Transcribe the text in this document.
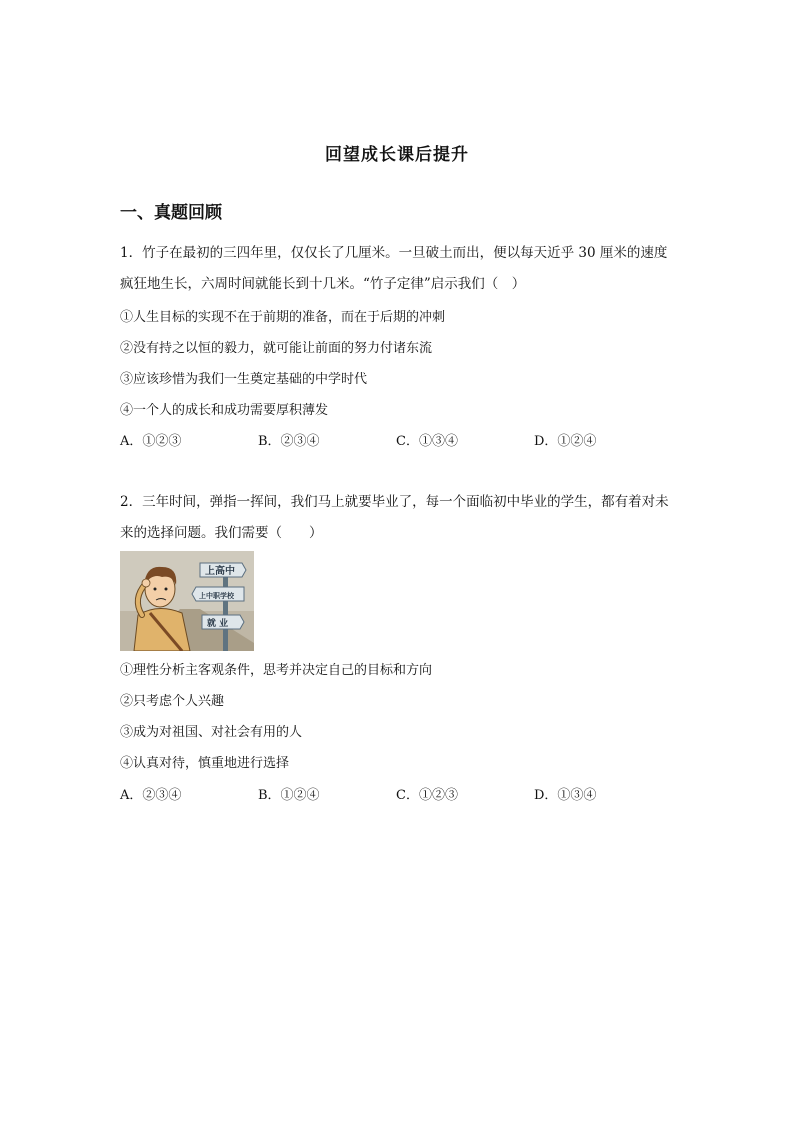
回望成长课后提升
一、真题回顾
1．竹子在最初的三四年里，仅仅长了几厘米。一旦破土而出，便以每天近乎 30 厘米的速度
疯狂地生长，六周时间就能长到十几米。“竹子定律”启示我们（　）
①人生目标的实现不在于前期的准备，而在于后期的冲刺
②没有持之以恒的毅力，就可能让前面的努力付诸东流
③应该珍惜为我们一生奠定基础的中学时代
④一个人的成长和成功需要厚积薄发
A．①②③	B．②③④	C．①③④	D．①②④
2．三年时间，弹指一挥间，我们马上就要毕业了，每一个面临初中毕业的学生，都有着对未
来的选择问题。我们需要（　　）
上高中
上中职学校
就 业
①理性分析主客观条件，思考并决定自己的目标和方向
②只考虑个人兴趣
③成为对祖国、对社会有用的人
④认真对待，慎重地进行选择
A．②③④	B．①②④	C．①②③	D．①③④
